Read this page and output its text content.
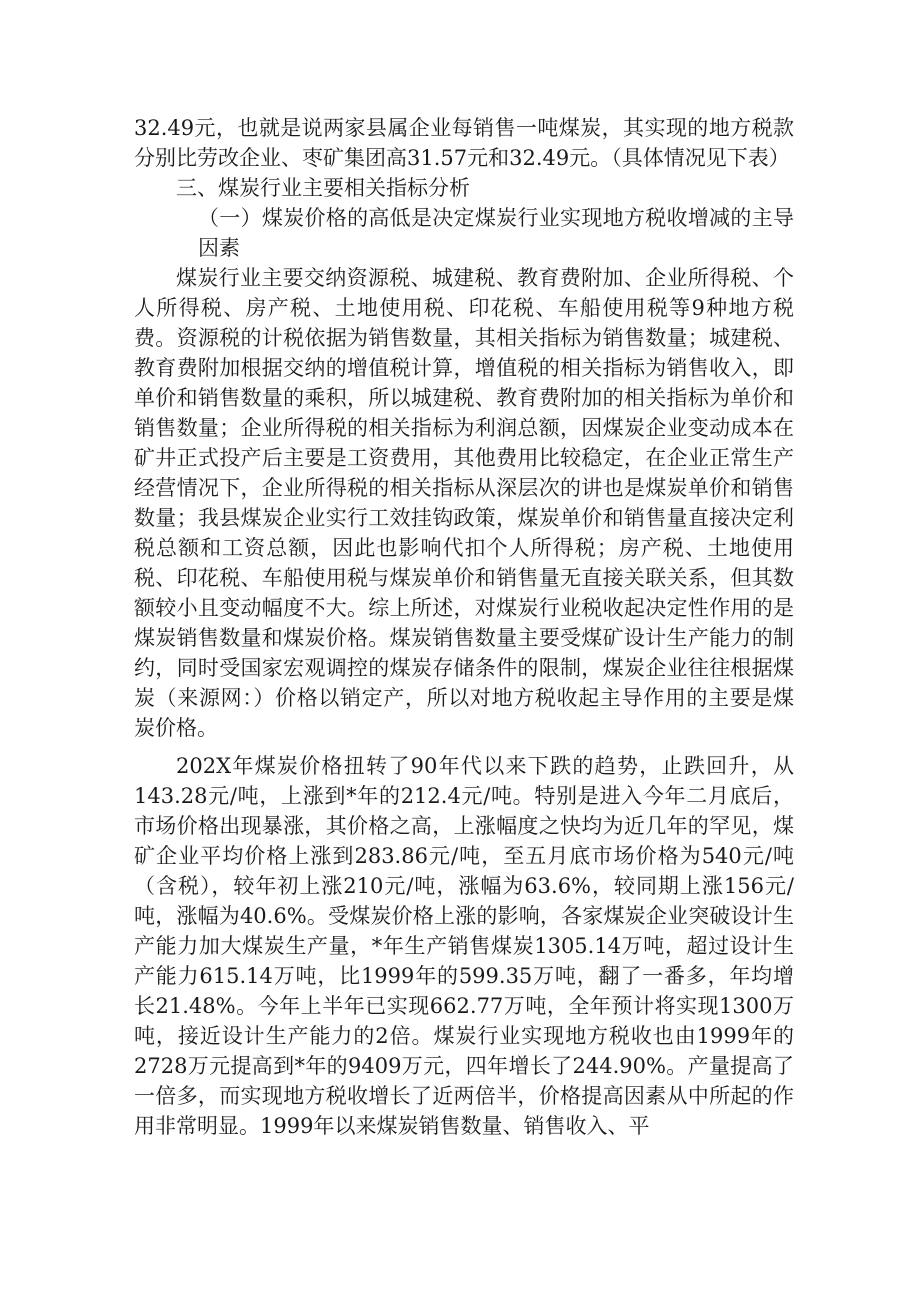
32.49元，也就是说两家县属企业每销售一吨煤炭，其实现的地方税款分别比劳改企业、枣矿集团高31.57元和32.49元。（具体情况见下表）

三、煤炭行业主要相关指标分析

（一）煤炭价格的高低是决定煤炭行业实现地方税收增减的主导因素

煤炭行业主要交纳资源税、城建税、教育费附加、企业所得税、个人所得税、房产税、土地使用税、印花税、车船使用税等9种地方税费。资源税的计税依据为销售数量，其相关指标为销售数量；城建税、教育费附加根据交纳的增值税计算，增值税的相关指标为销售收入，即单价和销售数量的乘积，所以城建税、教育费附加的相关指标为单价和销售数量；企业所得税的相关指标为利润总额，因煤炭企业变动成本在矿井正式投产后主要是工资费用，其他费用比较稳定，在企业正常生产经营情况下，企业所得税的相关指标从深层次的讲也是煤炭单价和销售数量；我县煤炭企业实行工效挂钩政策，煤炭单价和销售量直接决定利税总额和工资总额，因此也影响代扣个人所得税；房产税、土地使用税、印花税、车船使用税与煤炭单价和销售量无直接关联关系，但其数额较小且变动幅度不大。综上所述，对煤炭行业税收起决定性作用的是煤炭销售数量和煤炭价格。煤炭销售数量主要受煤矿设计生产能力的制约，同时受国家宏观调控的煤炭存储条件的限制，煤炭企业往往根据煤炭（来源网：）价格以销定产，所以对地方税收起主导作用的主要是煤炭价格。

202X年煤炭价格扭转了90年代以来下跌的趋势，止跌回升，从143.28元/吨，上涨到*年的212.4元/吨。特别是进入今年二月底后，市场价格出现暴涨，其价格之高，上涨幅度之快均为近几年的罕见，煤矿企业平均价格上涨到283.86元/吨，至五月底市场价格为540元/吨（含税），较年初上涨210元/吨，涨幅为63.6%，较同期上涨156元/吨，涨幅为40.6%。受煤炭价格上涨的影响，各家煤炭企业突破设计生产能力加大煤炭生产量，*年生产销售煤炭1305.14万吨，超过设计生产能力615.14万吨，比1999年的599.35万吨，翻了一番多，年均增长21.48%。今年上半年已实现662.77万吨，全年预计将实现1300万吨，接近设计生产能力的2倍。煤炭行业实现地方税收也由1999年的2728万元提高到*年的9409万元，四年增长了244.90%。产量提高了一倍多，而实现地方税收增长了近两倍半，价格提高因素从中所起的作用非常明显。1999年以来煤炭销售数量、销售收入、平
